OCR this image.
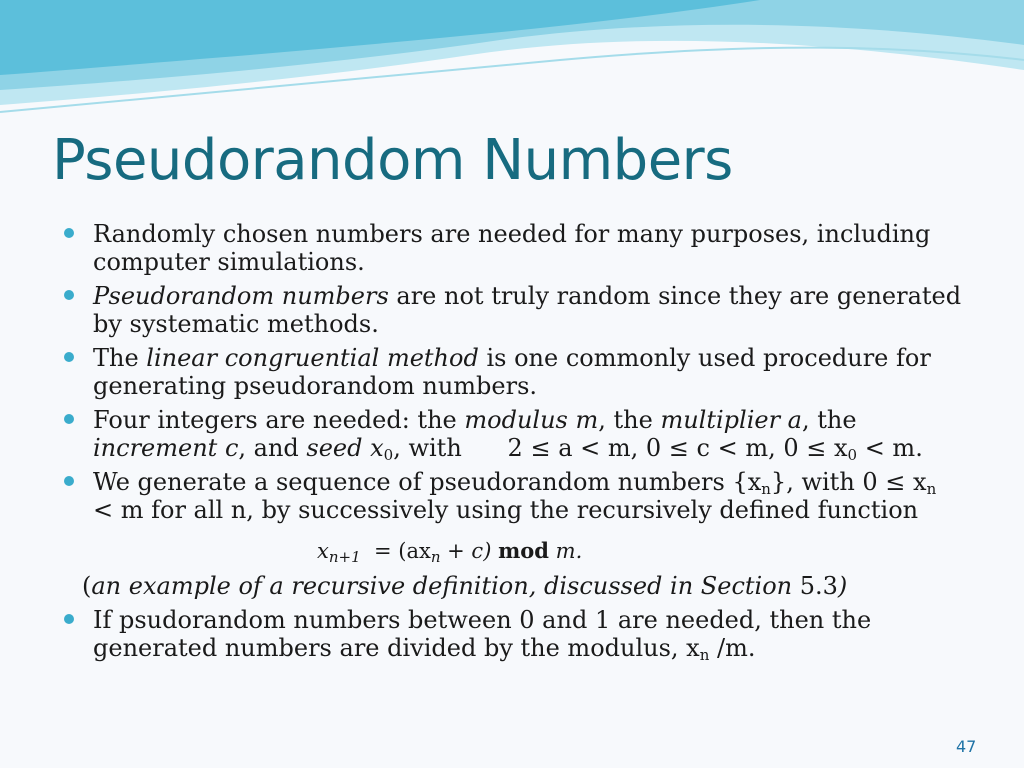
Pseudorandom Numbers
Randomly chosen numbers are needed for many purposes, including computer simulations.
Pseudorandom numbers are not truly random since they are generated by systematic methods.
The linear congruential method is one commonly used procedure for generating pseudorandom numbers.
Four integers are needed: the modulus m, the multiplier a, the increment c, and seed $x_0$, with      2 ≤ a < m, 0 ≤ c < m, $0 \le x_0 < m$.
We generate a sequence of pseudorandom numbers $\{x_n\}$, with $0 \le x_n < m$ for all n, by successively using the recursively defined function
(an example of a recursive definition, discussed in Section 5.3)
If psudorandom numbers between 0 and 1 are needed, then the generated numbers are divided by the modulus, $x_n$ /m.
$x_{n+1} = (ax_n + c)$ mod m.
47
